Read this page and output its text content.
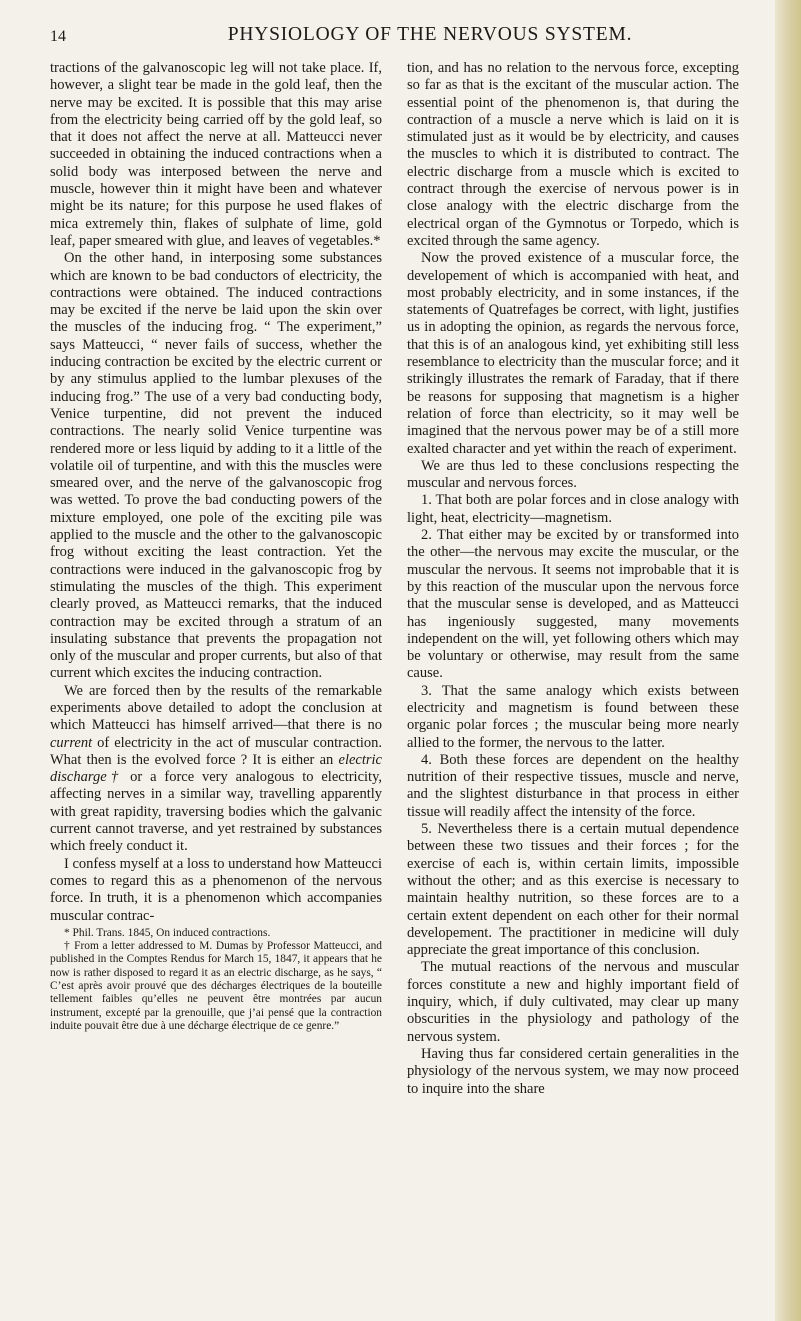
14	PHYSIOLOGY OF THE NERVOUS SYSTEM.

tractions of the galvanoscopic leg will not take place. If, however, a slight tear be made in the gold leaf, then the nerve may be excited. It is possible that this may arise from the electricity being carried off by the gold leaf, so that it does not affect the nerve at all. Matteucci never succeeded in obtaining the induced contractions when a solid body was interposed between the nerve and muscle, however thin it might have been and whatever might be its nature; for this purpose he used flakes of mica extremely thin, flakes of sulphate of lime, gold leaf, paper smeared with glue, and leaves of vegetables.*

On the other hand, in interposing some substances which are known to be bad conductors of electricity, the contractions were obtained. The induced contractions may be excited if the nerve be laid upon the skin over the muscles of the inducing frog. “ The experiment,” says Matteucci, “ never fails of success, whether the inducing contraction be excited by the electric current or by any stimulus applied to the lumbar plexuses of the inducing frog.” The use of a very bad conducting body, Venice turpentine, did not prevent the induced contractions. The nearly solid Venice turpentine was rendered more or less liquid by adding to it a little of the volatile oil of turpentine, and with this the muscles were smeared over, and the nerve of the galvanoscopic frog was wetted. To prove the bad conducting powers of the mixture employed, one pole of the exciting pile was applied to the muscle and the other to the galvanoscopic frog without exciting the least contraction. Yet the contractions were induced in the galvanoscopic frog by stimulating the muscles of the thigh. This experiment clearly proved, as Matteucci remarks, that the induced contraction may be excited through a stratum of an insulating substance that prevents the propagation not only of the muscular and proper currents, but also of that current which excites the inducing contraction.

We are forced then by the results of the remarkable experiments above detailed to adopt the conclusion at which Matteucci has himself arrived—that there is no current of electricity in the act of muscular contraction. What then is the evolved force ? It is either an electric discharge† or a force very analogous to electricity, affecting nerves in a similar way, travelling apparently with great rapidity, traversing bodies which the galvanic current cannot traverse, and yet restrained by substances which freely conduct it.

I confess myself at a loss to understand how Matteucci comes to regard this as a phenomenon of the nervous force. In truth, it is a phenomenon which accompanies muscular contrac-

* Phil. Trans. 1845, On induced contractions.

† From a letter addressed to M. Dumas by Professor Matteucci, and published in the Comptes Rendus for March 15, 1847, it appears that he now is rather disposed to regard it as an electric discharge, as he says, “ C’est après avoir prouvé que des décharges électriques de la bouteille tellement faibles qu’elles ne peuvent être montrées par aucun instrument, excepté par la grenouille, que j’ai pensé que la contraction induite pouvait être due à une décharge électrique de ce genre.”

tion, and has no relation to the nervous force, excepting so far as that is the excitant of the muscular action. The essential point of the phenomenon is, that during the contraction of a muscle a nerve which is laid on it is stimulated just as it would be by electricity, and causes the muscles to which it is distributed to contract. The electric discharge from a muscle which is excited to contract through the exercise of nervous power is in close analogy with the electric discharge from the electrical organ of the Gymnotus or Torpedo, which is excited through the same agency.

Now the proved existence of a muscular force, the developement of which is accompanied with heat, and most probably electricity, and in some instances, if the statements of Quatrefages be correct, with light, justifies us in adopting the opinion, as regards the nervous force, that this is of an analogous kind, yet exhibiting still less resemblance to electricity than the muscular force; and it strikingly illustrates the remark of Faraday, that if there be reasons for supposing that magnetism is a higher relation of force than electricity, so it may well be imagined that the nervous power may be of a still more exalted character and yet within the reach of experiment.

We are thus led to these conclusions respecting the muscular and nervous forces.

1. That both are polar forces and in close analogy with light, heat, electricity—magnetism.

2. That either may be excited by or transformed into the other—the nervous may excite the muscular, or the muscular the nervous. It seems not improbable that it is by this reaction of the muscular upon the nervous force that the muscular sense is developed, and as Matteucci has ingeniously suggested, many movements independent on the will, yet following others which may be voluntary or otherwise, may result from the same cause.

3. That the same analogy which exists between electricity and magnetism is found between these organic polar forces ; the muscular being more nearly allied to the former, the nervous to the latter.

4. Both these forces are dependent on the healthy nutrition of their respective tissues, muscle and nerve, and the slightest disturbance in that process in either tissue will readily affect the intensity of the force.

5. Nevertheless there is a certain mutual dependence between these two tissues and their forces ; for the exercise of each is, within certain limits, impossible without the other; and as this exercise is necessary to maintain healthy nutrition, so these forces are to a certain extent dependent on each other for their normal developement. The practitioner in medicine will duly appreciate the great importance of this conclusion.

The mutual reactions of the nervous and muscular forces constitute a new and highly important field of inquiry, which, if duly cultivated, may clear up many obscurities in the physiology and pathology of the nervous system.

Having thus far considered certain generalities in the physiology of the nervous system, we may now proceed to inquire into the share
